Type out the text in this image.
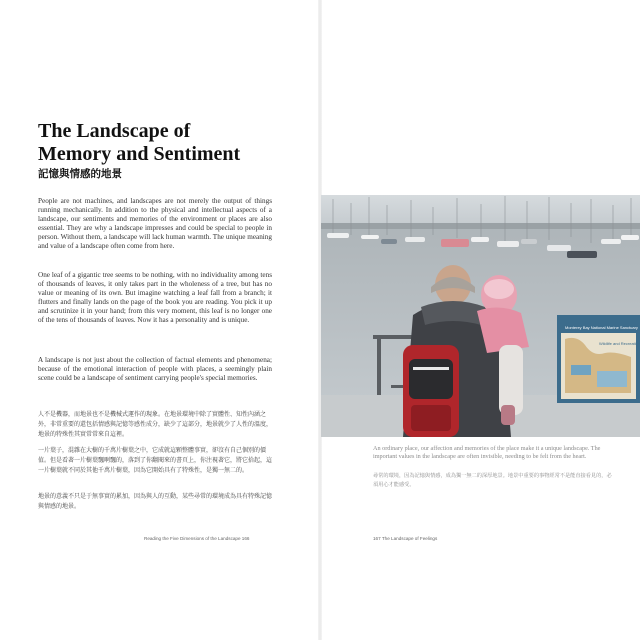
The Landscape of
Memory and Sentiment

記憶與情感的地景

People are not machines, and landscapes are not merely the output of things running mechanically. In addition to the physical and intellectual aspects of a landscape, our sentiments and memories of the environment or places are also essential. They are why a landscape impresses and could be special to people in person. Without them, a landscape will lack human warmth. The unique meaning and value of a landscape often come from here.

One leaf of a gigantic tree seems to be nothing, with no individuality among tens of thousands of leaves, it only takes part in the wholeness of a tree, but has no value or meaning of its own. But imagine watching a leaf fall from a branch; it flutters and finally lands on the page of the book you are reading. You pick it up and scrutinize it in your hand; from this very moment, this leaf is no longer one of the tens of thousands of leaves. Now it has a personality and is unique.

A landscape is not just about the collection of factual elements and phenomena; because of the emotional interaction of people with places, a seemingly plain scene could be a landscape of sentiment carrying people's special memories.

人不是機器，而地景也不是機械式運作的現象。在地景環境中除了實體性、知性內涵之外，非常重要的還包括情感與記憶等感性成分，缺少了這部分，地景就少了人性的溫度，地景的特殊性其實常常來自這裡。

一片葉子，混雜在大樹的千萬片樹葉之中，它成就這顆整體事實，卻沒有自己個別的價值。但是看著一片樹葉飄啊飄的，落到了你翻閱來的書頁上，你注視著它，將它拾起，這一片樹葉就不同於其他千萬片樹葉，因為它開始具有了特殊性，是獨一無二的。

地景的意義不只是于無事實的累加，因為與人的互動，某些尋常的環境成為具有特殊記憶與情感的地景。

Reading the Five Dimensions of the Landscape 166	167 The Landscape of Feelings
Monterey Bay National Marine Sanctuary
Wildlife and Recreation

An ordinary place, our affection and memories of the place make it a unique landscape. The important values in the landscape are often invisible, needing to be felt from the heart.

尋常的環境，因為記憶與情感，成為獨一無二的深厚地景。地景中重要的事物經常不是能直接看見的，必須用心才能感受。
